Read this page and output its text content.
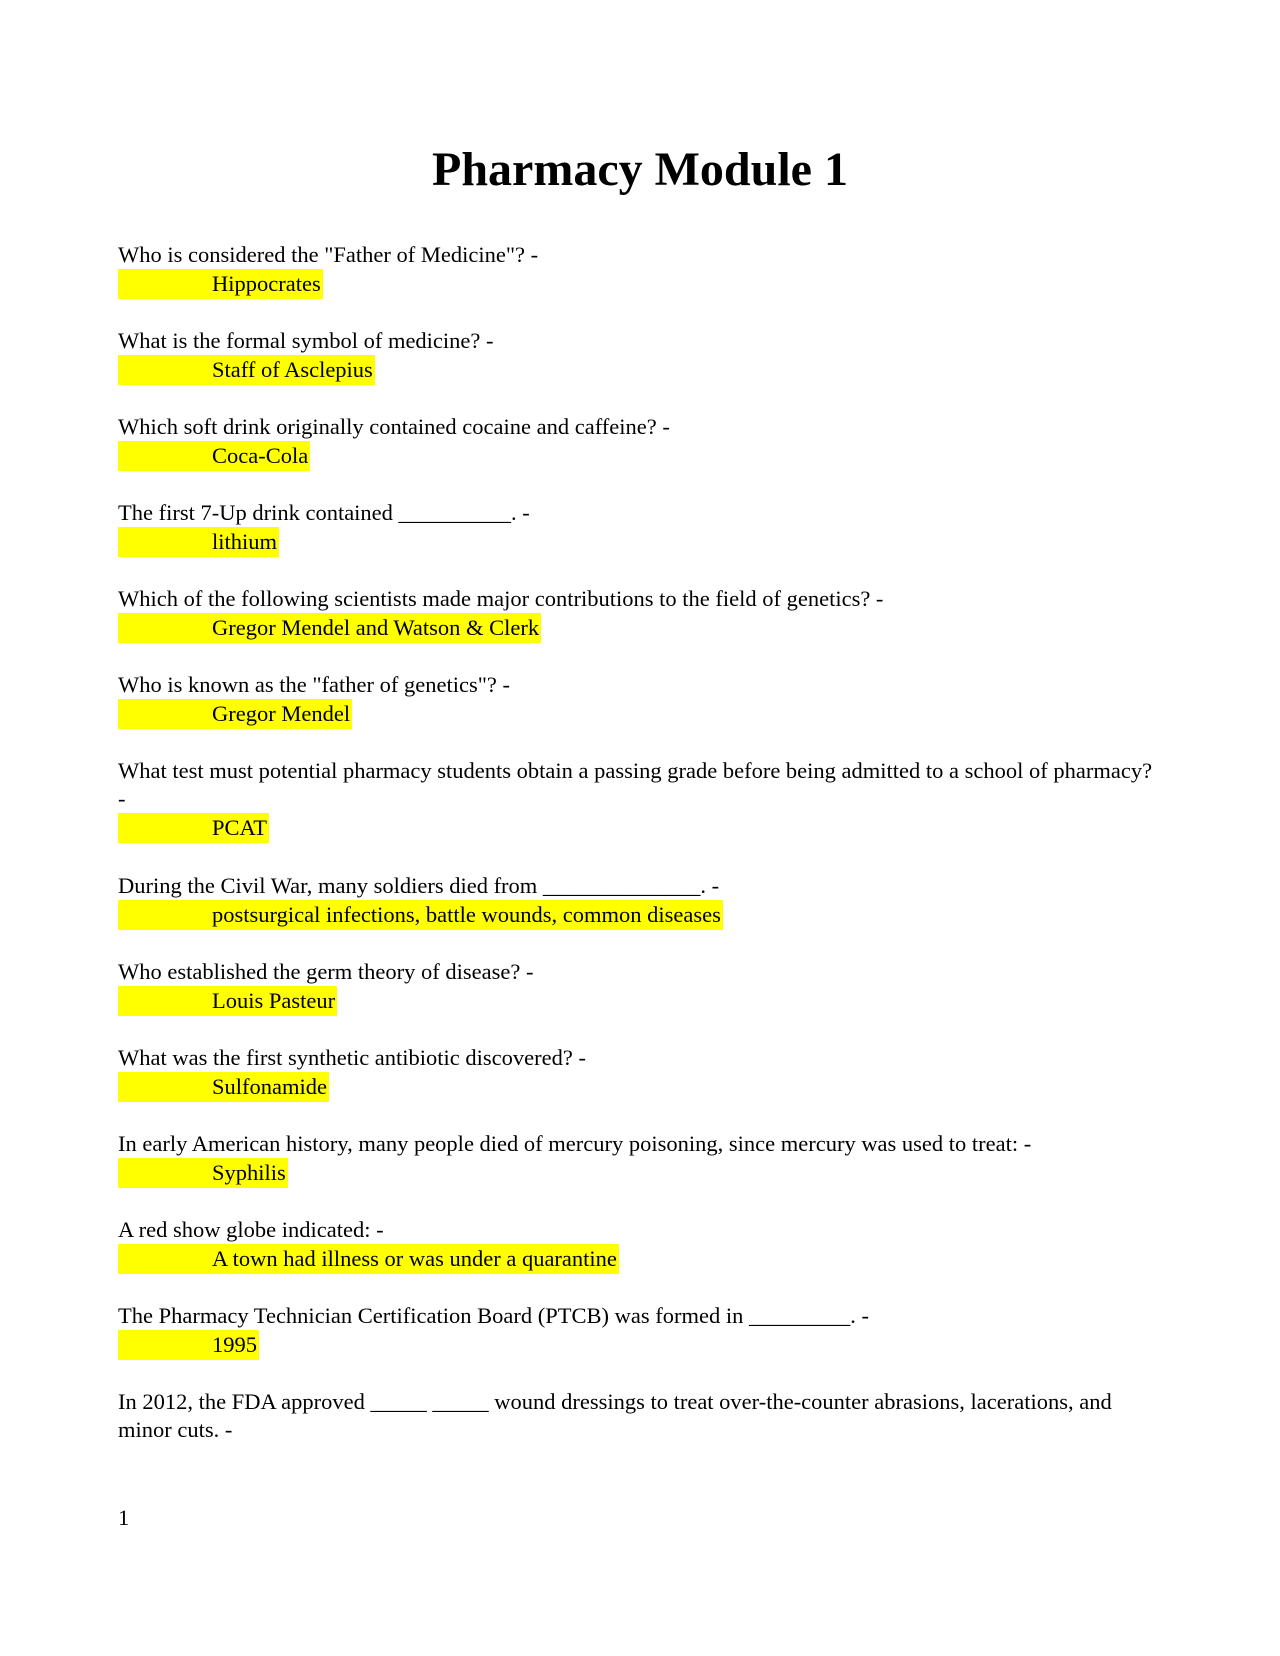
Pharmacy Module 1

Who is considered the "Father of Medicine"? -

Hippocrates

What is the formal symbol of medicine? -

Staff of Asclepius

Which soft drink originally contained cocaine and caffeine? -

Coca-Cola

The first 7-Up drink contained __________. -

lithium

Which of the following scientists made major contributions to the field of genetics? -

Gregor Mendel and Watson & Clerk

Who is known as the "father of genetics"? -

Gregor Mendel

What test must potential pharmacy students obtain a passing grade before being admitted to a school of pharmacy? -

PCAT

During the Civil War, many soldiers died from ______________. -

postsurgical infections, battle wounds, common diseases

Who established the germ theory of disease? -

Louis Pasteur

What was the first synthetic antibiotic discovered? -

Sulfonamide

In early American history, many people died of mercury poisoning, since mercury was used to treat: -

Syphilis

A red show globe indicated: -

A town had illness or was under a quarantine

The Pharmacy Technician Certification Board (PTCB) was formed in _________. -

1995

In 2012, the FDA approved _____ _____ wound dressings to treat over-the-counter abrasions, lacerations, and minor cuts. -

1
